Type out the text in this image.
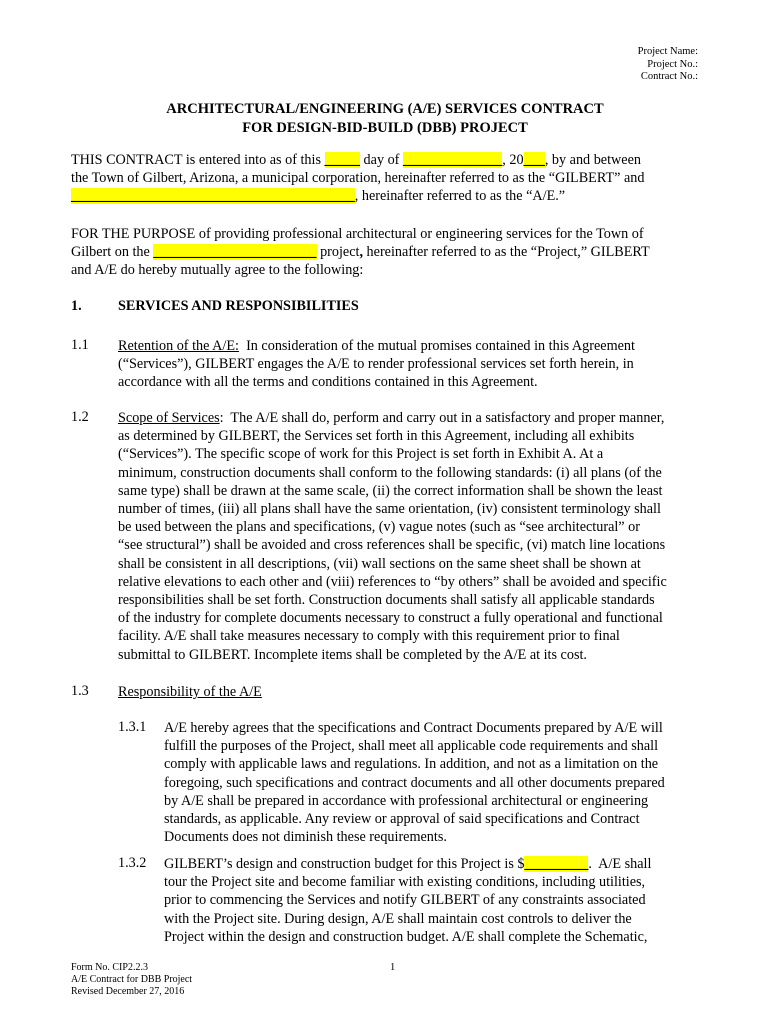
Project Name:
Project No.:
Contract No.:
ARCHITECTURAL/ENGINEERING (A/E) SERVICES CONTRACT
FOR DESIGN-BID-BUILD (DBB) PROJECT
THIS CONTRACT is entered into as of this _____ day of ______________, 20___, by and between
the Town of Gilbert, Arizona, a municipal corporation, hereinafter referred to as the “GILBERT” and
________________________________________, hereinafter referred to as the “A/E.”
FOR THE PURPOSE of providing professional architectural or engineering services for the Town of
Gilbert on the _______________________ project, hereinafter referred to as the “Project,” GILBERT
and A/E do hereby mutually agree to the following:
1.	SERVICES AND RESPONSIBILITIES
1.1 Retention of the A/E:  In consideration of the mutual promises contained in this Agreement
(“Services”), GILBERT engages the A/E to render professional services set forth herein, in
accordance with all the terms and conditions contained in this Agreement.
1.2 Scope of Services:  The A/E shall do, perform and carry out in a satisfactory and proper manner,
as determined by GILBERT, the Services set forth in this Agreement, including all exhibits
(“Services”). The specific scope of work for this Project is set forth in Exhibit A. At a
minimum, construction documents shall conform to the following standards: (i) all plans (of the
same type) shall be drawn at the same scale, (ii) the correct information shall be shown the least
number of times, (iii) all plans shall have the same orientation, (iv) consistent terminology shall
be used between the plans and specifications, (v) vague notes (such as “see architectural” or
“see structural”) shall be avoided and cross references shall be specific, (vi) match line locations
shall be consistent in all descriptions, (vii) wall sections on the same sheet shall be shown at
relative elevations to each other and (viii) references to “by others” shall be avoided and specific
responsibilities shall be set forth. Construction documents shall satisfy all applicable standards
of the industry for complete documents necessary to construct a fully operational and functional
facility. A/E shall take measures necessary to comply with this requirement prior to final
submittal to GILBERT. Incomplete items shall be completed by the A/E at its cost.
1.3 Responsibility of the A/E
1.3.1 A/E hereby agrees that the specifications and Contract Documents prepared by A/E will
fulfill the purposes of the Project, shall meet all applicable code requirements and shall
comply with applicable laws and regulations. In addition, and not as a limitation on the
foregoing, such specifications and contract documents and all other documents prepared
by A/E shall be prepared in accordance with professional architectural or engineering
standards, as applicable. Any review or approval of said specifications and Contract
Documents does not diminish these requirements.
1.3.2 GILBERT’s design and construction budget for this Project is $_________.  A/E shall
tour the Project site and become familiar with existing conditions, including utilities,
prior to commencing the Services and notify GILBERT of any constraints associated
with the Project site. During design, A/E shall maintain cost controls to deliver the
Project within the design and construction budget. A/E shall complete the Schematic,
Form No. CIP2.2.3
A/E Contract for DBB Project
Revised December 27, 2016
1
